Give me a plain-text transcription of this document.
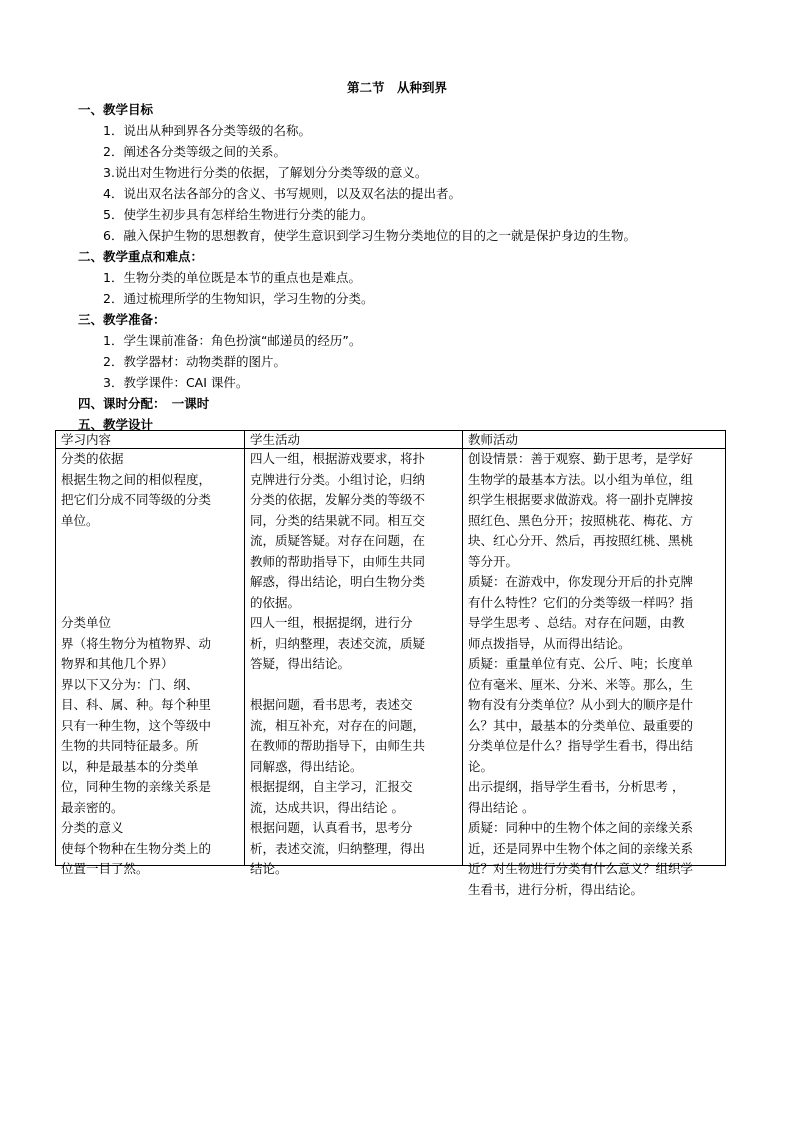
第二节　从种到界
一、教学目标
1．说出从种到界各分类等级的名称。
2．阐述各分类等级之间的关系。
3.说出对生物进行分类的依据，了解划分分类等级的意义。
4．说出双名法各部分的含义、书写规则，以及双名法的提出者。
5．使学生初步具有怎样给生物进行分类的能力。
6．融入保护生物的思想教育，使学生意识到学习生物分类地位的目的之一就是保护身边的生物。
二、教学重点和难点：
1．生物分类的单位既是本节的重点也是难点。
2．通过梳理所学的生物知识，学习生物的分类。
三、教学准备：
1．学生课前准备：角色扮演“邮递员的经历”。
2．教学器材：动物类群的图片。
3．教学课件：CAI 课件。
四、课时分配：　一课时
五、教学设计
学习内容
分类的依据
根据生物之间的相似程度，
把它们分成不同等级的分类
单位。
分类单位
界（将生物分为植物界、动
物界和其他几个界）
界以下又分为：门、纲、
目、科、属、种。每个种里
只有一种生物，这个等级中
生物的共同特征最多。所
以，种是最基本的分类单
位，同种生物的亲缘关系是
最亲密的。
分类的意义
使每个物种在生物分类上的
位置一目了然。
学生活动
四人一组，根据游戏要求，将扑
克牌进行分类。小组讨论，归纳
分类的依据，发解分类的等级不
同，分类的结果就不同。相互交
流，质疑答疑。对存在问题，在
教师的帮助指导下，由师生共同
解惑，得出结论，明白生物分类
的依据。
四人一组，根据提纲，进行分
析，归纳整理，表述交流，质疑
答疑，得出结论。
根据问题，看书思考，表述交
流，相互补充，对存在的问题，
在教师的帮助指导下，由师生共
同解惑，得出结论。
根据提纲，自主学习，汇报交
流，达成共识，得出结论 。
根据问题，认真看书，思考分
析，表述交流，归纳整理，得出
结论。
教师活动
创设情景：善于观察、勤于思考，是学好
生物学的最基本方法。以小组为单位，组
织学生根据要求做游戏。将一副扑克牌按
照红色、黑色分开；按照桃花、梅花、方
块、红心分开、然后，再按照红桃、黑桃
等分开。
质疑：在游戏中，你发现分开后的扑克牌
有什么特性？它们的分类等级一样吗？指
导学生思考 、总结。对存在问题，由教
师点拨指导，从而得出结论。
质疑：重量单位有克、公斤、吨；长度单
位有毫米、厘米、分米、米等。那么，生
物有没有分类单位？从小到大的顺序是什
么？其中，最基本的分类单位、最重要的
分类单位是什么？指导学生看书，得出结
论。
出示提纲，指导学生看书，分析思考 ，
得出结论 。
质疑：同种中的生物个体之间的亲缘关系
近，还是同界中生物个体之间的亲缘关系
近？对生物进行分类有什么意义？组织学
生看书，进行分析，得出结论。
